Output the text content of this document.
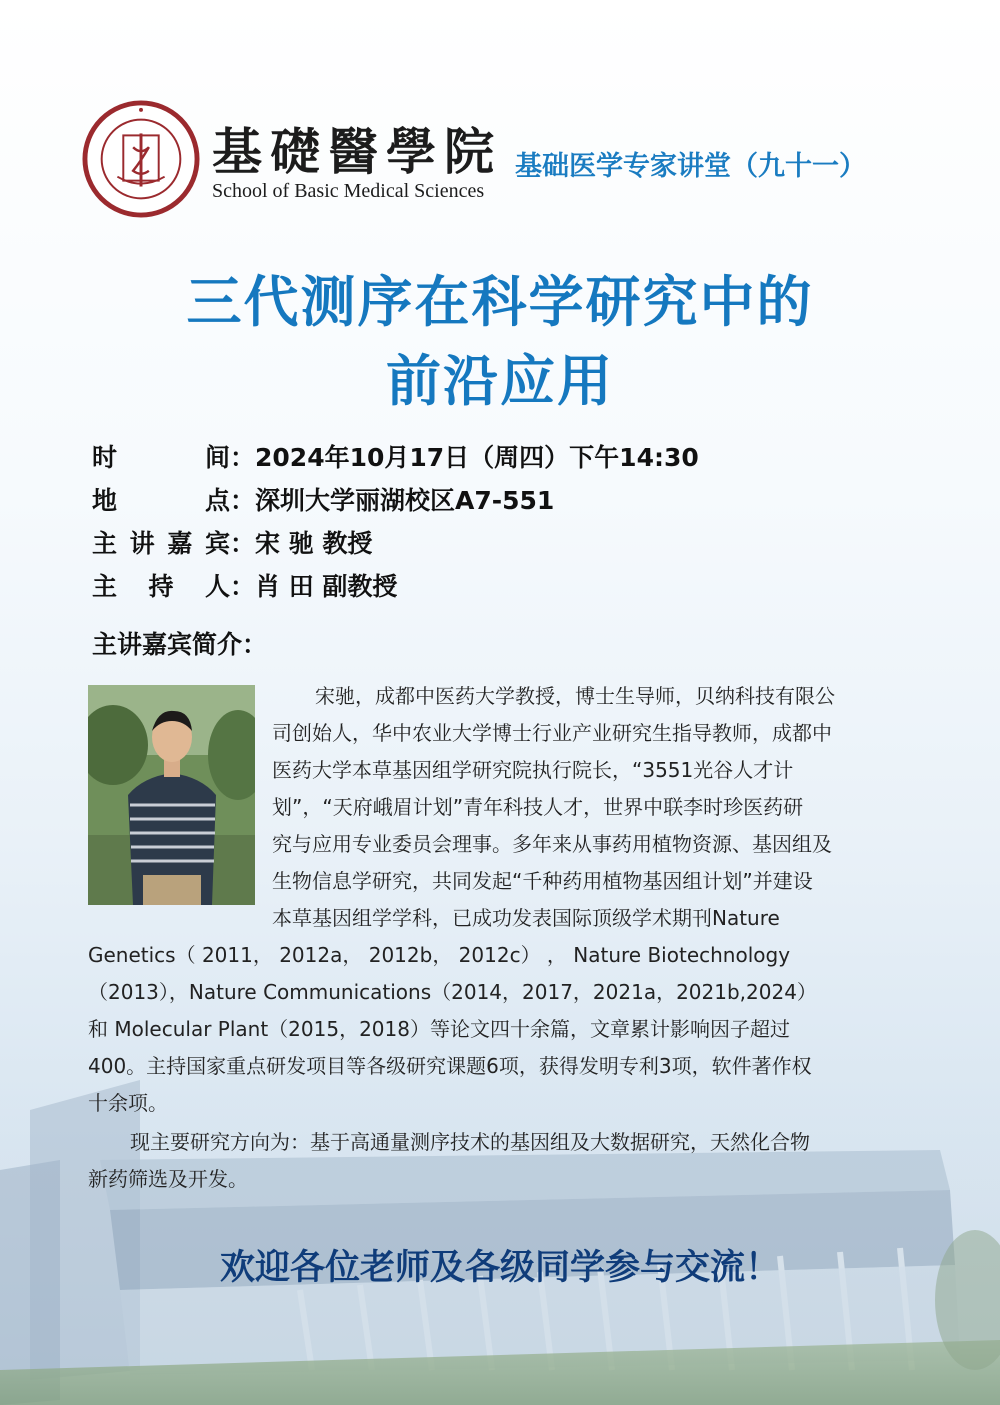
基礎醫學院
School of Basic Medical Sciences
基础医学专家讲堂（九十一）
三代测序在科学研究中的
前沿应用
时	间 ： 2024年10月17日（周四）下午14:30
地	点 ： 深圳大学丽湖校区A7-551
主 讲 嘉 宾 ： 宋 驰 教授
主 持 人 ： 肖 田 副教授
主讲嘉宾简介：

宋驰，成都中医药大学教授，博士生导师，贝纳科技有限公

司创始人，华中农业大学博士行业产业研究生指导教师，成都中

医药大学本草基因组学研究院执行院长，“3551光谷人才计

划”，“天府峨眉计划”青年科技人才，世界中联李时珍医药研

究与应用专业委员会理事。多年来从事药用植物资源、基因组及

生物信息学研究，共同发起“千种药用植物基因组计划”并建设

本草基因组学学科，已成功发表国际顶级学术期刊Nature

Genetics（ 2011， 2012a， 2012b， 2012c） ， Nature Biotechnology

（2013），Nature Communications（2014，2017，2021a，2021b,2024）

和 Molecular Plant（2015，2018）等论文四十余篇，文章累计影响因子超过

400。主持国家重点研发项目等各级研究课题6项，获得发明专利3项，软件著作权

十余项。

现主要研究方向为：基于高通量测序技术的基因组及大数据研究，天然化合物

新药筛选及开发。

欢迎各位老师及各级同学参与交流！
